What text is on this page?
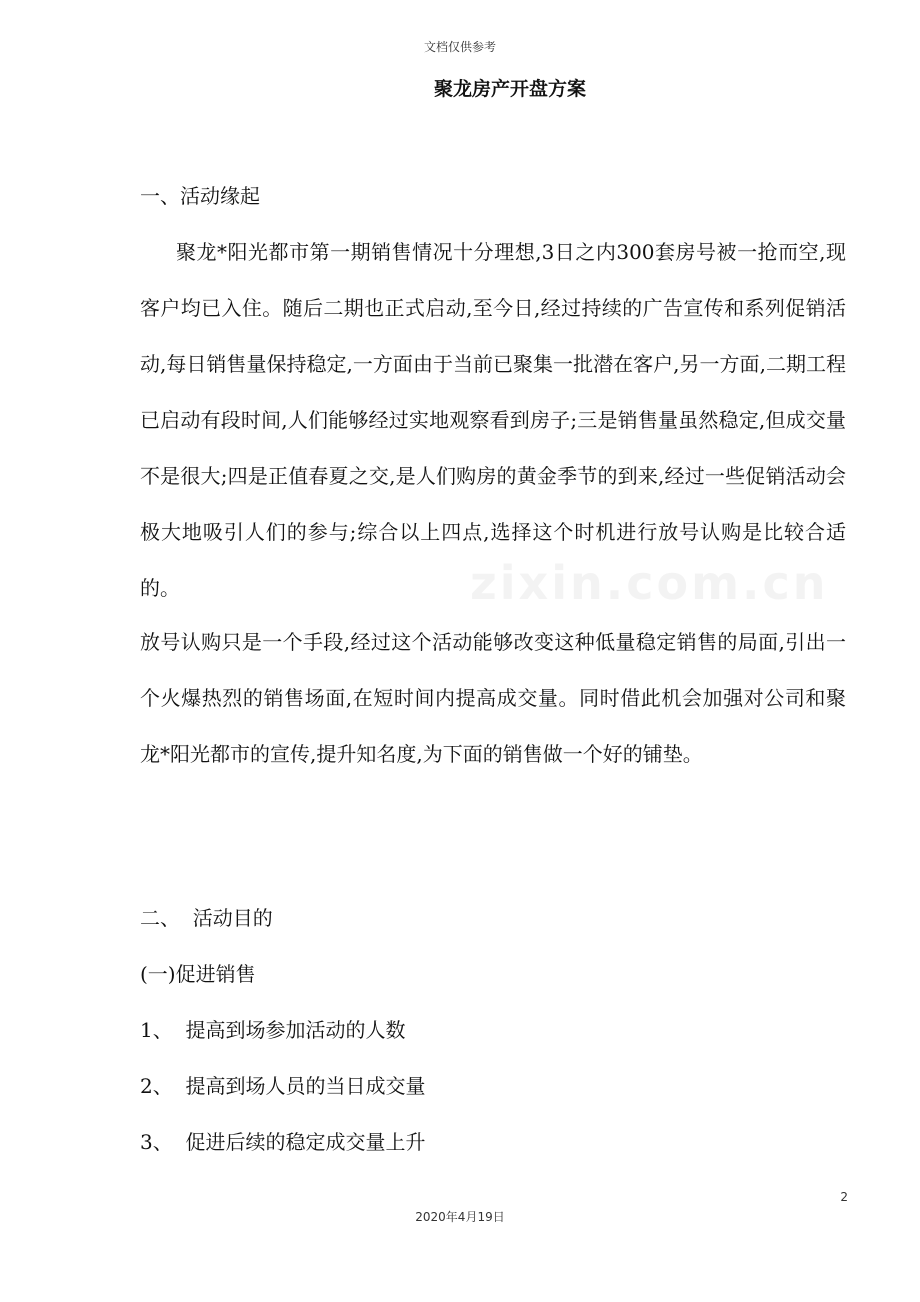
文档仅供参考
聚龙房产开盘方案
一、活动缘起

聚龙*阳光都市第一期销售情况十分理想,3日之内300套房号被一抢而空,现客户均已入住。随后二期也正式启动,至今日,经过持续的广告宣传和系列促销活动,每日销售量保持稳定,一方面由于当前已聚集一批潜在客户,另一方面,二期工程已启动有段时间,人们能够经过实地观察看到房子;三是销售量虽然稳定,但成交量不是很大;四是正值春夏之交,是人们购房的黄金季节的到来,经过一些促销活动会极大地吸引人们的参与;综合以上四点,选择这个时机进行放号认购是比较合适的。

放号认购只是一个手段,经过这个活动能够改变这种低量稳定销售的局面,引出一个火爆热烈的销售场面,在短时间内提高成交量。同时借此机会加强对公司和聚龙*阳光都市的宣传,提升知名度,为下面的销售做一个好的铺垫。

二、  活动目的
(一)促进销售
1、  提高到场参加活动的人数
2、  提高到场人员的当日成交量
3、  促进后续的稳定成交量上升
zixin.com.cn
2
2020年4月19日
